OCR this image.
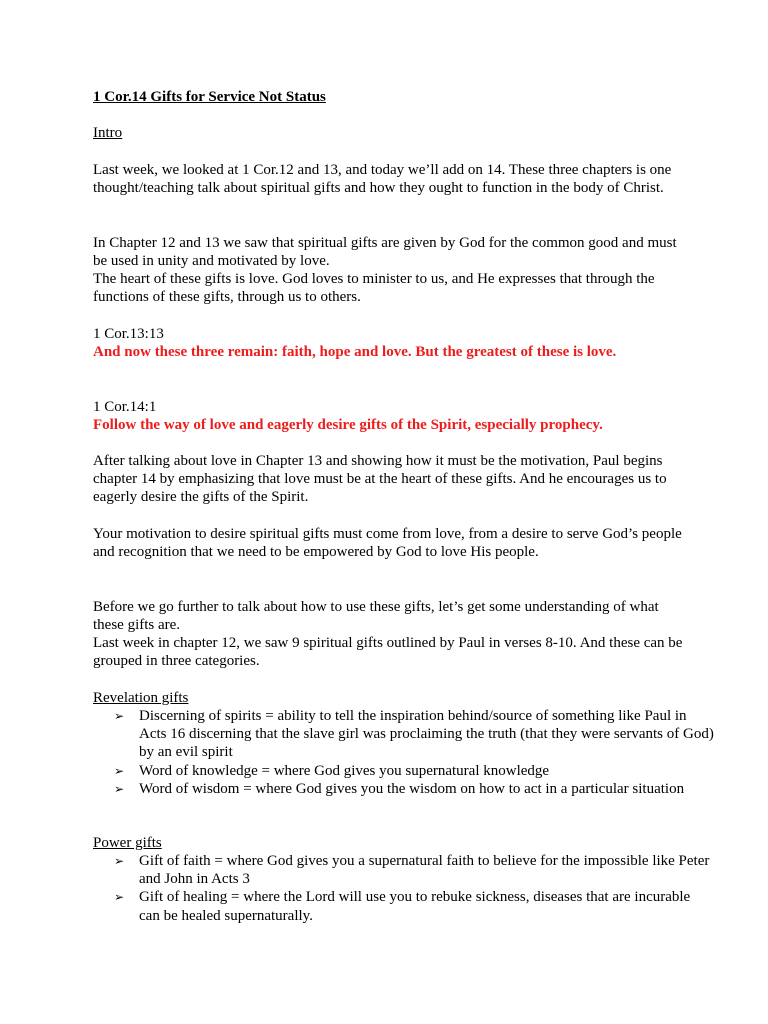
1 Cor.14 Gifts for Service Not Status

Intro

Last week, we looked at 1 Cor.12 and 13, and today we’ll add on 14. These three chapters is one thought/teaching talk about spiritual gifts and how they ought to function in the body of Christ.

In Chapter 12 and 13 we saw that spiritual gifts are given by God for the common good and must be used in unity and motivated by love.

The heart of these gifts is love. God loves to minister to us, and He expresses that through the functions of these gifts, through us to others.

1 Cor.13:13

And now these three remain: faith, hope and love. But the greatest of these is love.

1 Cor.14:1

Follow the way of love and eagerly desire gifts of the Spirit, especially prophecy.

After talking about love in Chapter 13 and showing how it must be the motivation, Paul begins chapter 14 by emphasizing that love must be at the heart of these gifts. And he encourages us to eagerly desire the gifts of the Spirit.

Your motivation to desire spiritual gifts must come from love, from a desire to serve God’s people and recognition that we need to be empowered by God to love His people.

Before we go further to talk about how to use these gifts, let’s get some understanding of what these gifts are.

Last week in chapter 12, we saw 9 spiritual gifts outlined by Paul in verses 8-10. And these can be grouped in three categories.

Revelation gifts

➢ Discerning of spirits = ability to tell the inspiration behind/source of something like Paul in Acts 16 discerning that the slave girl was proclaiming the truth (that they were servants of God) by an evil spirit
➢ Word of knowledge = where God gives you supernatural knowledge
➢ Word of wisdom = where God gives you the wisdom on how to act in a particular situation

Power gifts

➢ Gift of faith = where God gives you a supernatural faith to believe for the impossible like Peter and John in Acts 3
➢ Gift of healing = where the Lord will use you to rebuke sickness, diseases that are incurable can be healed supernaturally.
